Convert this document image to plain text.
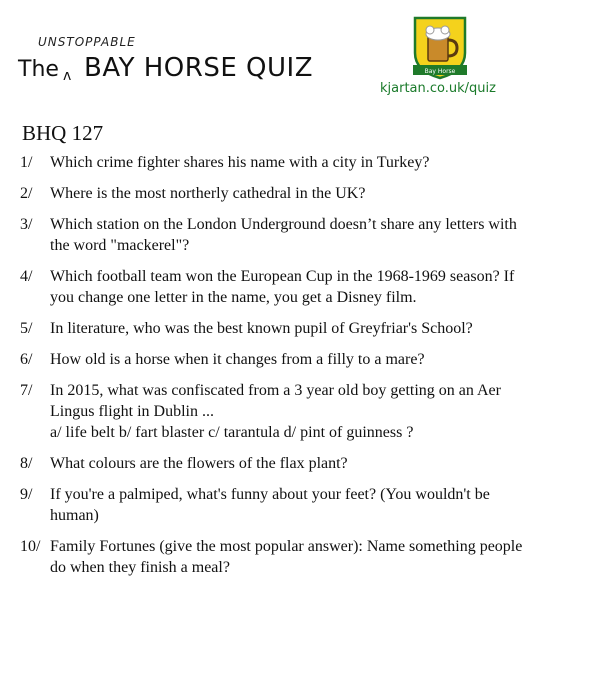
UNSTOPPABLE
The ʌ BAY HORSE QUIZ	Bay Horse
kjartan.co.uk/quiz
BHQ 127
1/	Which crime fighter shares his name with a city in Turkey?
2/	Where is the most northerly cathedral in the UK?
3/	Which station on the London Underground doesn’t share any letters with the word "mackerel"?
4/	Which football team won the European Cup in the 1968-1969 season? If you change one letter in the name, you get a Disney film.
5/	In literature, who was the best known pupil of Greyfriar's School?
6/	How old is a horse when it changes from a filly to a mare?
7/	In 2015, what was confiscated from a 3 year old boy getting on an Aer Lingus flight in Dublin ...
a/ life belt b/ fart blaster c/ tarantula d/ pint of guinness ?
8/	What colours are the flowers of the flax plant?
9/	If you're a palmiped, what's funny about your feet? (You wouldn't be human)
10/ Family Fortunes (give the most popular answer): Name something people do when they finish a meal?
